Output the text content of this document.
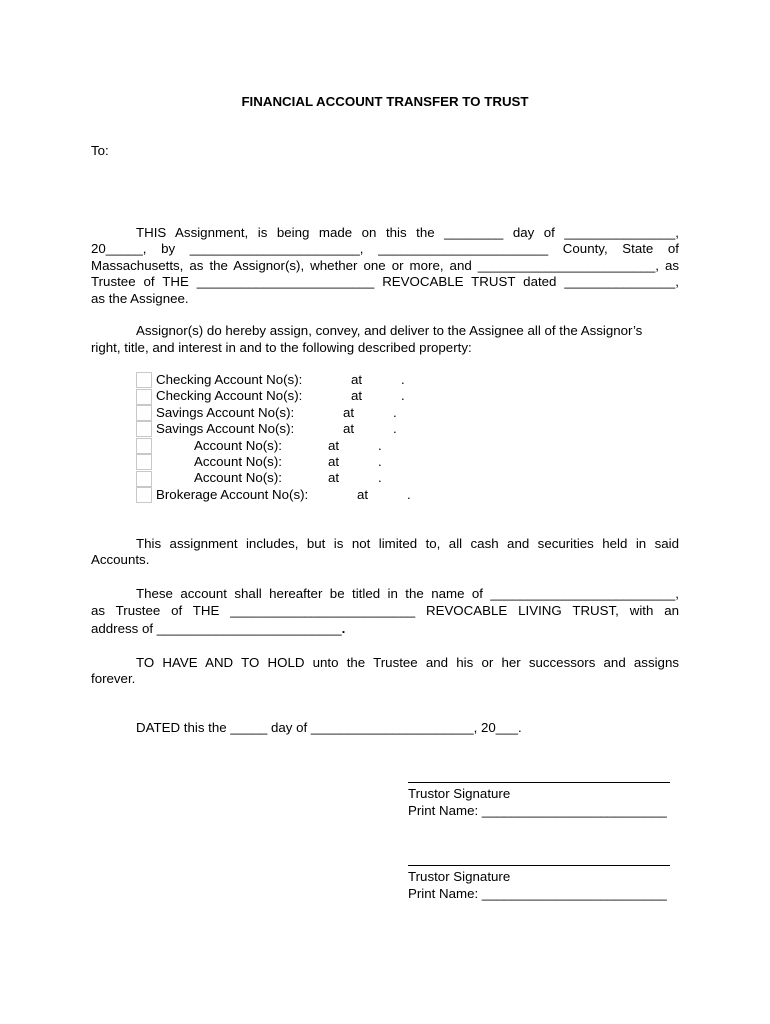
FINANCIAL ACCOUNT TRANSFER TO TRUST
To:
THIS Assignment, is being made on this the ________ day of _______________,
20_____, by _______________________, _______________________ County, State of
Massachusetts, as the Assignor(s), whether one or more, and ________________________, as
Trustee of THE ________________________ REVOCABLE TRUST dated _______________,
as the Assignee.
Assignor(s) do hereby assign, convey, and deliver to the Assignee all of the Assignor’s
right, title, and interest in and to the following described property:
Checking Account No(s):	at	.
Checking Account No(s):	at	.
Savings Account No(s):	at	.
Savings Account No(s):	at	.
Account No(s):	at	.
Account No(s):	at	.
Account No(s):	at	.
Brokerage Account No(s):	at	.
This assignment includes, but is not limited to, all cash and securities held in said
Accounts.
These account shall hereafter be titled in the name of _________________________,
as Trustee of THE _________________________ REVOCABLE LIVING TRUST, with an
address of _________________________.
TO HAVE AND TO HOLD unto the Trustee and his or her successors and assigns
forever.
DATED this the _____ day of ______________________, 20___.
Trustor Signature
Print Name: _________________________
Trustor Signature
Print Name: _________________________
